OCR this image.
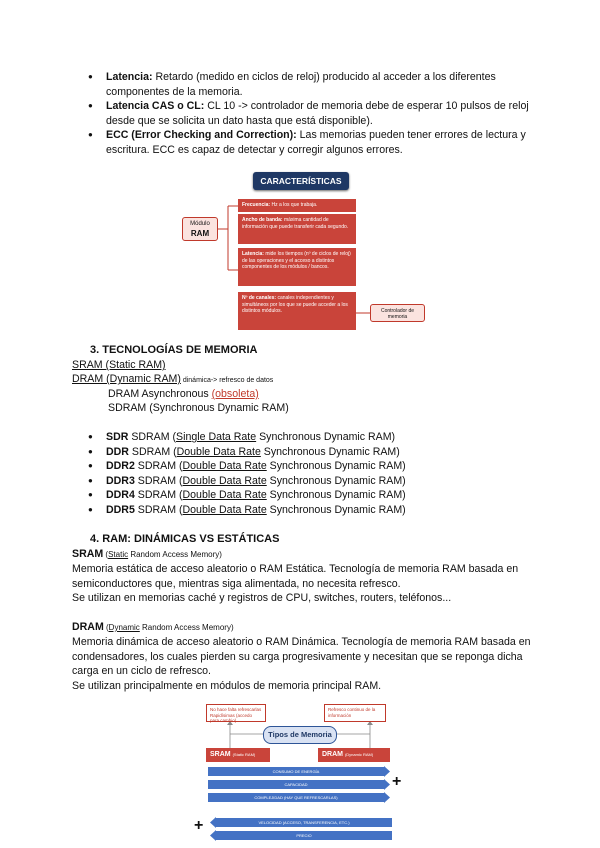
● Latencia: Retardo (medido en ciclos de reloj) producido al acceder a los diferentes componentes de la memoria.
● Latencia CAS o CL: CL 10 -> controlador de memoria debe de esperar 10 pulsos de reloj desde que se solicita un dato hasta que está disponible).
● ECC (Error Checking and Correction): Las memorias pueden tener errores de lectura y escritura. ECC es capaz de detectar y corregir algunos errores.
CARACTERÍSTICAS
Módulo
RAM
Frecuencia: Hz a los que trabaja.
Ancho de banda: máxima cantidad de información que puede transferir cada segundo.
Latencia: mide los tiempos (nº de ciclos de reloj) de las operaciones y el acceso a distintos componentes de los módulos / bancos.
Nº de canales: canales independientes y simultáneos por los que se puede acceder a los distintos módulos.	Controlador de memoria
3. TECNOLOGÍAS DE MEMORIA
SRAM (Static RAM)
DRAM (Dynamic RAM) dinámica-> refresco de datos
DRAM Asynchronous (obsoleta)
SDRAM (Synchronous Dynamic RAM)
● SDR SDRAM (Single Data Rate Synchronous Dynamic RAM)
● DDR SDRAM (Double Data Rate Synchronous Dynamic RAM)
● DDR2 SDRAM (Double Data Rate Synchronous Dynamic RAM)
● DDR3 SDRAM (Double Data Rate Synchronous Dynamic RAM)
● DDR4 SDRAM (Double Data Rate Synchronous Dynamic RAM)
● DDR5 SDRAM (Double Data Rate Synchronous Dynamic RAM)
4. RAM: DINÁMICAS VS ESTÁTICAS
SRAM (Static Random Access Memory)
Memoria estática de acceso aleatorio o RAM Estática. Tecnología de memoria RAM basada en semiconductores que, mientras siga alimentada, no necesita refresco.
Se utilizan en memorias caché y registros de CPU, switches, routers, teléfonos...
DRAM (Dynamic Random Access Memory)
Memoria dinámica de acceso aleatorio o RAM Dinámica. Tecnología de memoria RAM basada en condensadores, los cuales pierden su carga progresivamente y necesitan que se reponga dicha carga en un ciclo de refresco.
Se utilizan principalmente en módulos de memoria principal RAM.
No hace falta refrescarlas Rapidísimas (accedo para cambio)
Refresco continuo de la información
Tipos de Memoria
SRAM (Static RAM)	DRAM (Dynamic RAM)
CONSUMO DE ENERGÍA
CAPACIDAD
COMPLEJIDAD (HAY QUE REFRESCARLAS)
+
VELOCIDAD (ACCESO, TRANSFERENCIA, ETC.)
PRECIO
+
